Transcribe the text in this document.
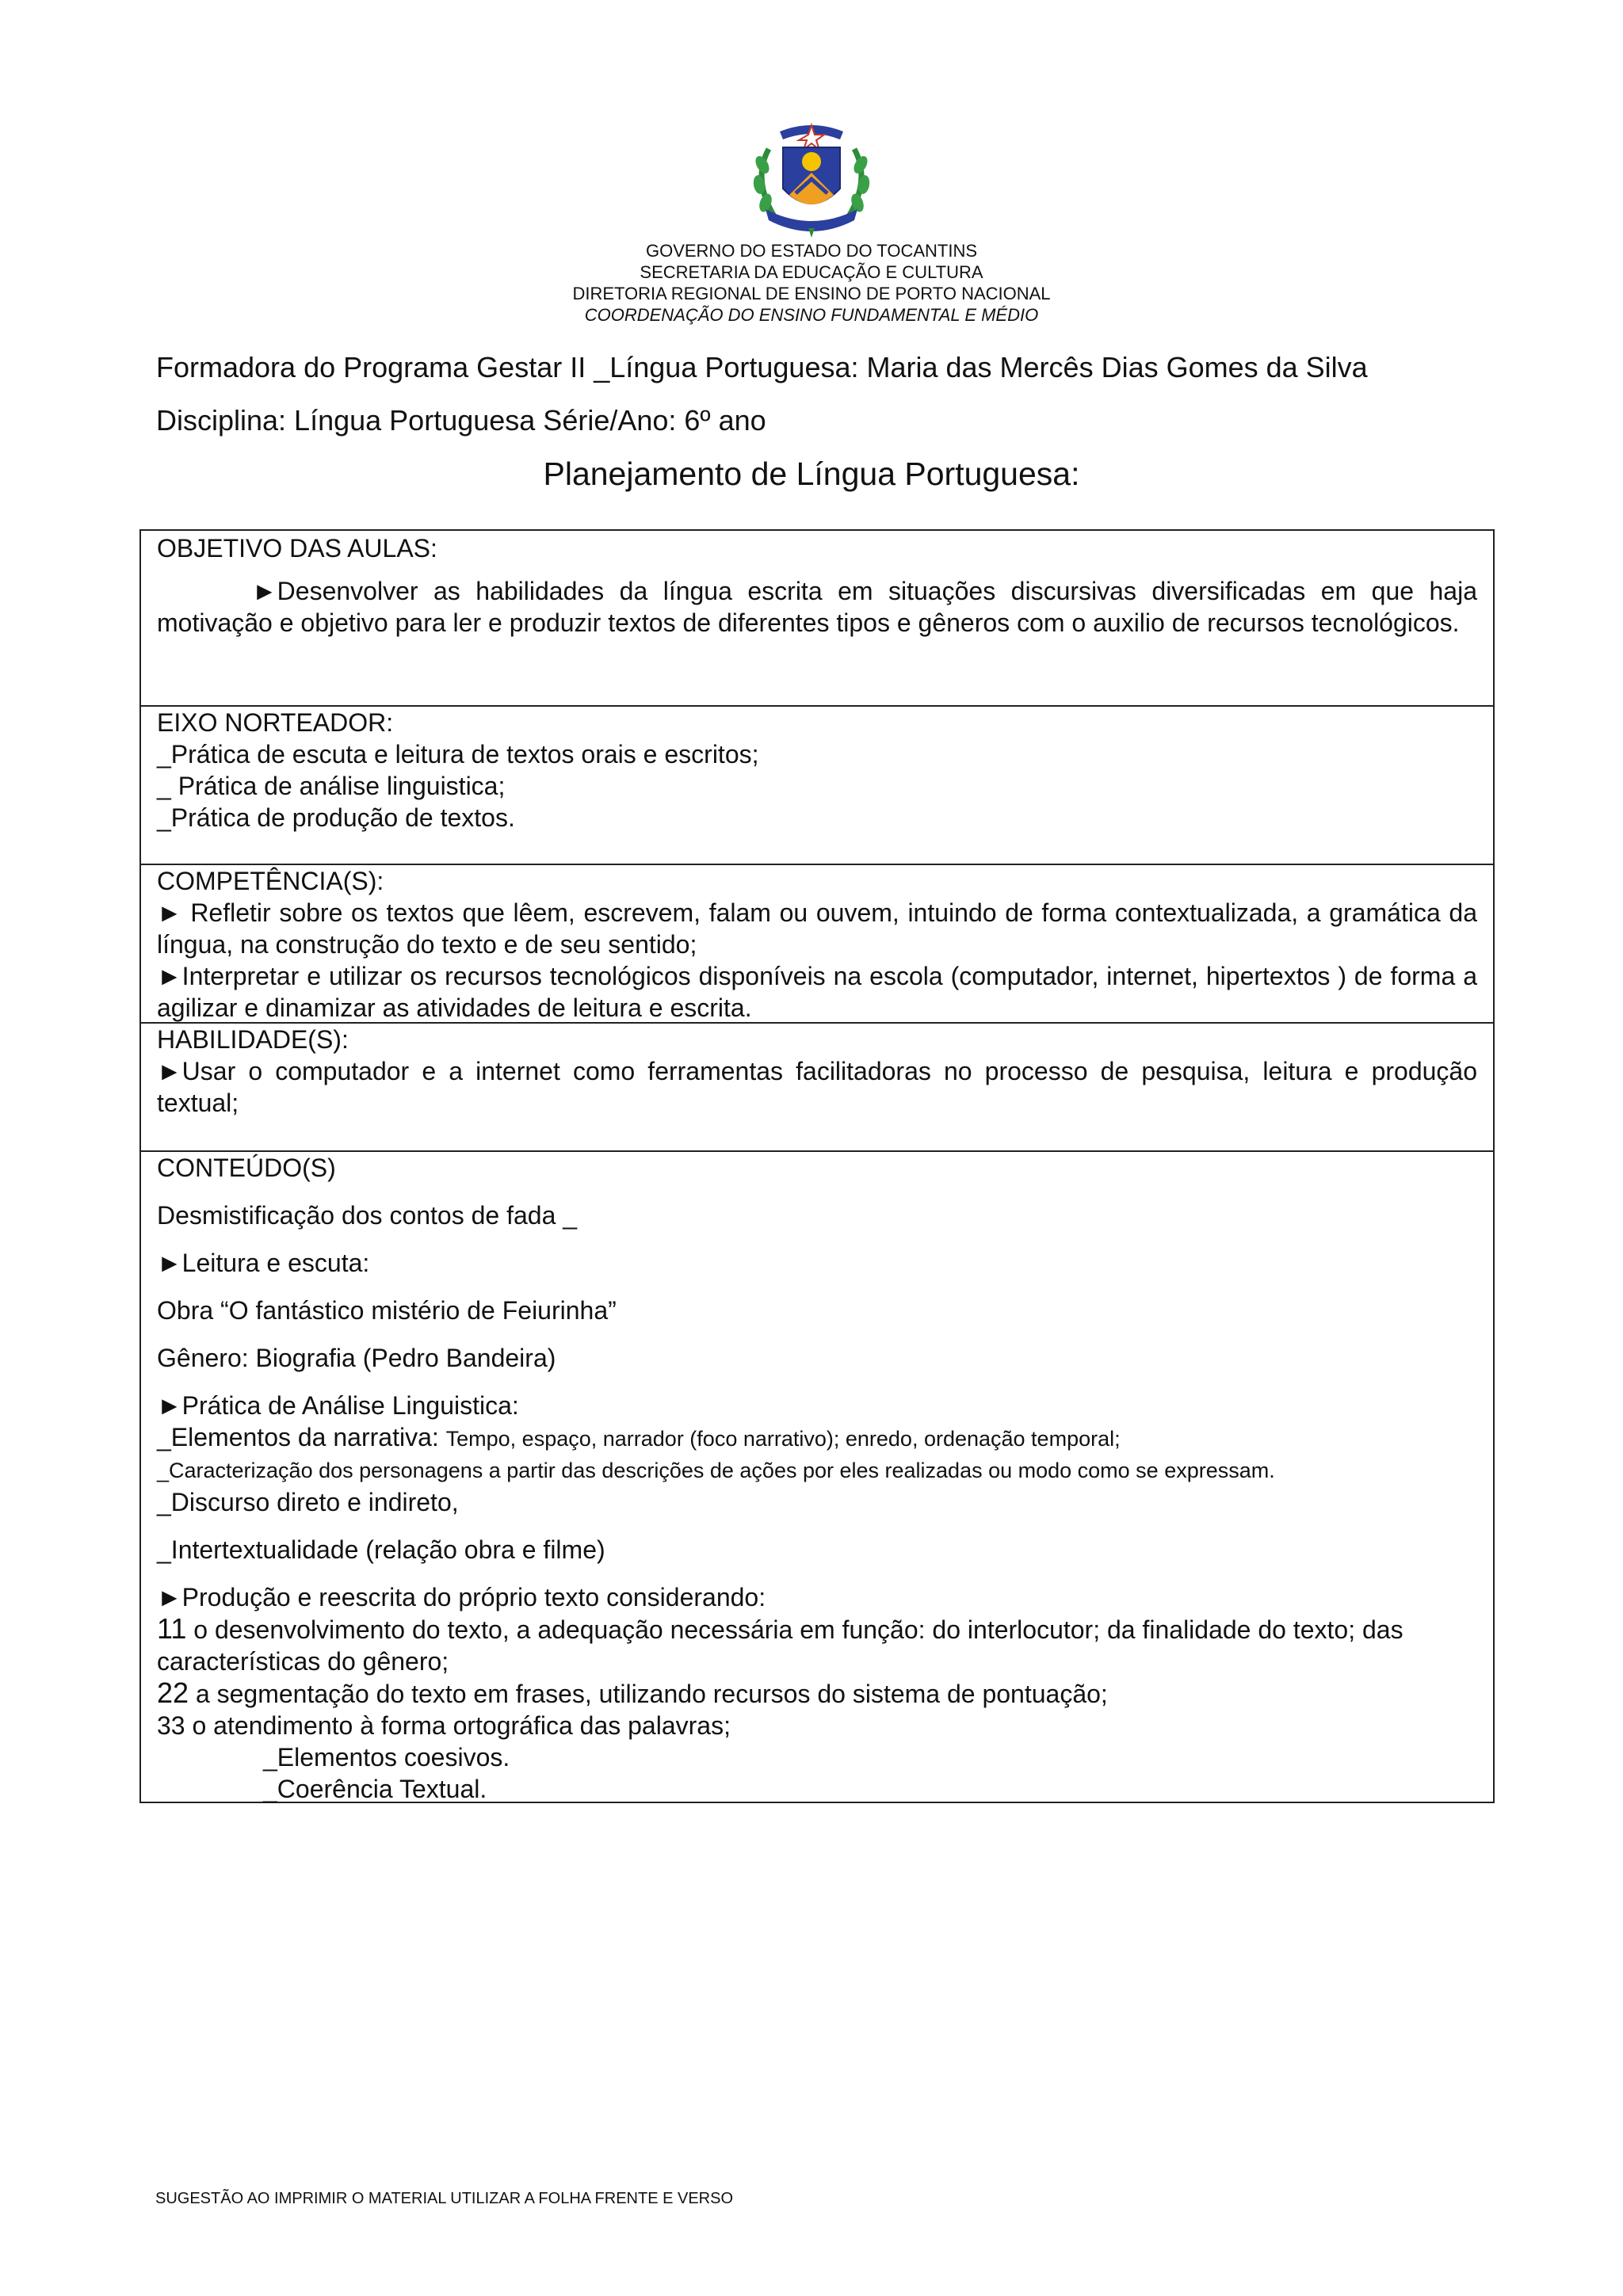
GOVERNO DO ESTADO DO TOCANTINS
SECRETARIA DA EDUCAÇÃO E CULTURA
DIRETORIA REGIONAL DE ENSINO DE PORTO NACIONAL
COORDENAÇÃO DO ENSINO FUNDAMENTAL E MÉDIO
Formadora do Programa Gestar II _Língua Portuguesa: Maria das Mercês Dias Gomes da Silva
Disciplina: Língua Portuguesa Série/Ano: 6º ano
Planejamento de Língua Portuguesa:
OBJETIVO DAS AULAS:
►Desenvolver as habilidades da língua escrita em situações discursivas diversificadas em que haja motivação e objetivo para ler e produzir textos de diferentes tipos e gêneros com o auxilio de recursos tecnológicos.
EIXO NORTEADOR:
_Prática de escuta e leitura de textos orais e escritos;
_ Prática de análise linguistica;
_Prática de produção de textos.
COMPETÊNCIA(S):
► Refletir sobre os textos que lêem, escrevem, falam ou ouvem, intuindo de forma contextualizada, a gramática da língua, na construção do texto e de seu sentido;
►Interpretar e utilizar os recursos tecnológicos disponíveis na escola (computador, internet, hipertextos ) de forma a agilizar e dinamizar as atividades de leitura e escrita.
HABILIDADE(S):
►Usar o computador e a internet como ferramentas facilitadoras no processo de pesquisa, leitura e produção textual;
CONTEÚDO(S)
Desmistificação dos contos de fada _
►Leitura e escuta:
Obra “O fantástico mistério de Feiurinha”
Gênero: Biografia (Pedro Bandeira)
►Prática de Análise Linguistica:
_Elementos da narrativa: Tempo, espaço, narrador (foco narrativo); enredo, ordenação temporal;
_Caracterização dos personagens a partir das descrições de ações por eles realizadas ou modo como se expressam.
_Discurso direto e indireto,
_Intertextualidade (relação obra e filme)
►Produção e reescrita do próprio texto considerando:
11 o desenvolvimento do texto, a adequação necessária em função: do interlocutor; da finalidade do texto; das características do gênero;
22 a segmentação do texto em frases, utilizando recursos do sistema de pontuação;
33 o atendimento à forma ortográfica das palavras;
_Elementos coesivos.
_Coerência Textual.
SUGESTÃO AO IMPRIMIR O MATERIAL UTILIZAR A FOLHA FRENTE E VERSO
